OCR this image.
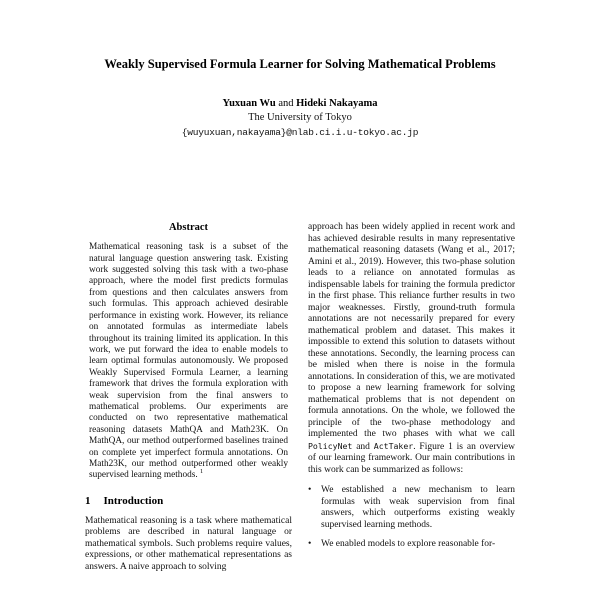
Weakly Supervised Formula Learner for Solving Mathematical Problems
Yuxuan Wu and Hideki Nakayama
The University of Tokyo
{wuyuxuan,nakayama}@nlab.ci.i.u-tokyo.ac.jp
Abstract

Mathematical reasoning task is a subset of the natural language question answering task. Existing work suggested solving this task with a two-phase approach, where the model first predicts formulas from questions and then calculates answers from such formulas. This approach achieved desirable performance in existing work. However, its reliance on annotated formulas as intermediate labels throughout its training limited its application. In this work, we put forward the idea to enable models to learn optimal formulas autonomously. We proposed Weakly Supervised Formula Learner, a learning framework that drives the formula exploration with weak supervision from the final answers to mathematical problems. Our experiments are conducted on two representative mathematical reasoning datasets MathQA and Math23K. On MathQA, our method outperformed baselines trained on complete yet imperfect formula annotations. On Math23K, our method outperformed other weakly supervised learning methods. $^1$

1 Introduction

Mathematical reasoning is a task where mathematical problems are described in natural language or mathematical symbols. Such problems require values, expressions, or other mathematical representations as answers. A naive approach to solving

approach has been widely applied in recent work and has achieved desirable results in many representative mathematical reasoning datasets (Wang et al., 2017; Amini et al., 2019). However, this two-phase solution leads to a reliance on annotated formulas as indispensable labels for training the formula predictor in the first phase. This reliance further results in two major weaknesses. Firstly, ground-truth formula annotations are not necessarily prepared for every mathematical problem and dataset. This makes it impossible to extend this solution to datasets without these annotations. Secondly, the learning process can be misled when there is noise in the formula annotations. In consideration of this, we are motivated to propose a new learning framework for solving mathematical problems that is not dependent on formula annotations. On the whole, we followed the principle of the two-phase methodology and implemented the two phases with what we call PolicyNet and ActTaker. Figure 1 is an overview of our learning framework. Our main contributions in this work can be summarized as follows:

•	We established a new mechanism to learn formulas with weak supervision from final answers, which outperforms existing weakly supervised learning methods.
•	We enabled models to explore reasonable for-
